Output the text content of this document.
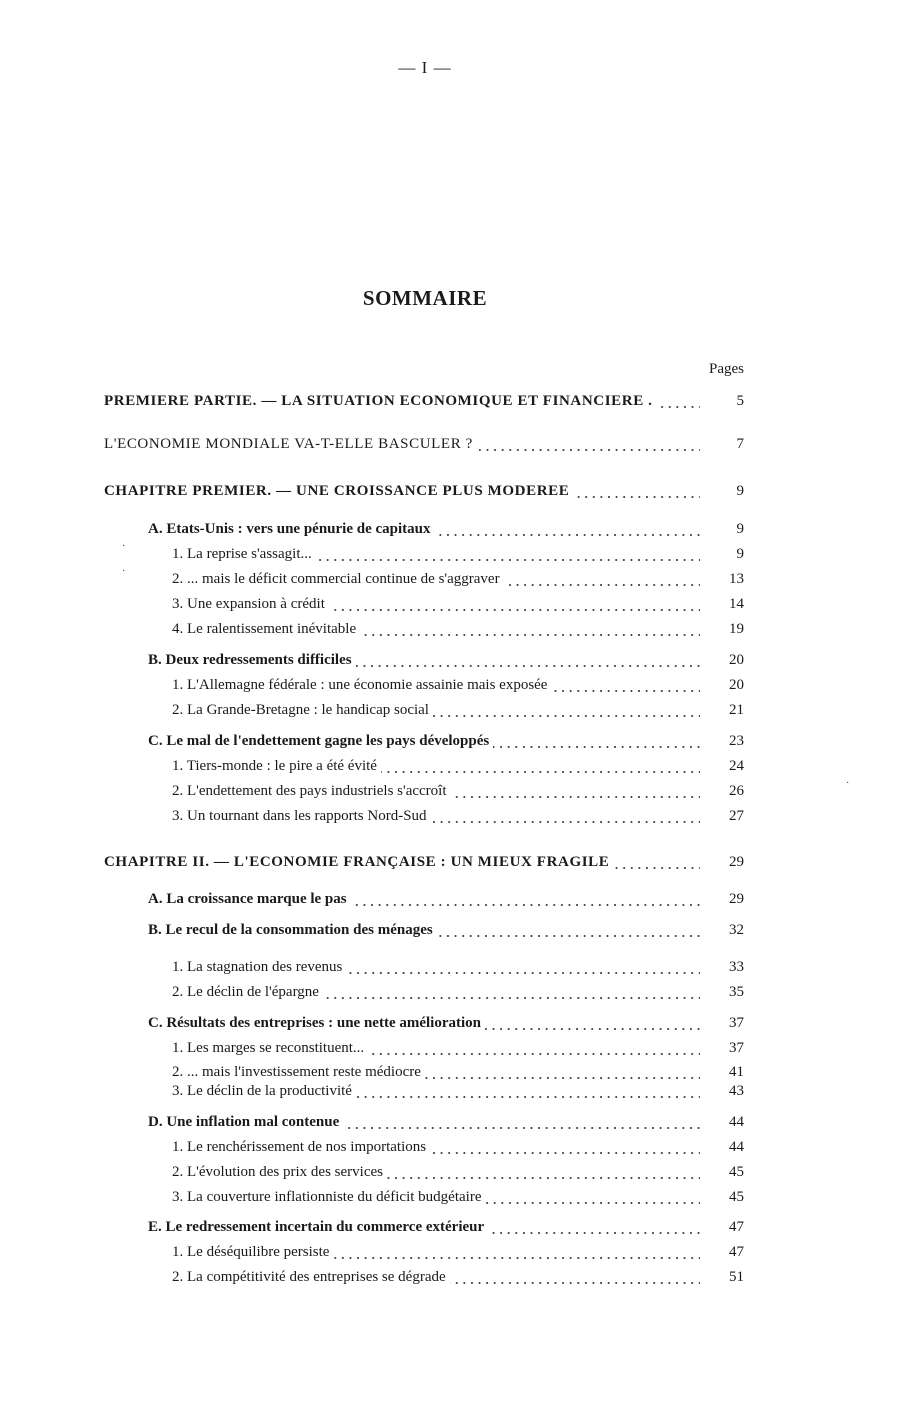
— I —
SOMMAIRE
Pages
PREMIERE PARTIE. — LA SITUATION ECONOMIQUE ET FINANCIERE .	5
L'ECONOMIE MONDIALE VA-T-ELLE BASCULER ?	7
CHAPITRE PREMIER. — UNE CROISSANCE PLUS MODEREE	9
A. Etats-Unis : vers une pénurie de capitaux	9
1. La reprise s'assagit...	9
2. ... mais le déficit commercial continue de s'aggraver	13
3. Une expansion à crédit	14
4. Le ralentissement inévitable	19
B. Deux redressements difficiles	20
1. L'Allemagne fédérale : une économie assainie mais exposée	20
2. La Grande-Bretagne : le handicap social	21
C. Le mal de l'endettement gagne les pays développés	23
1. Tiers-monde : le pire a été évité	24
2. L'endettement des pays industriels s'accroît	26
3. Un tournant dans les rapports Nord-Sud	27
CHAPITRE II. — L'ECONOMIE FRANÇAISE : UN MIEUX FRAGILE	29
A. La croissance marque le pas	29
B. Le recul de la consommation des ménages	32
1. La stagnation des revenus	33
2. Le déclin de l'épargne	35
C. Résultats des entreprises : une nette amélioration	37
1. Les marges se reconstituent...	37
2. ... mais l'investissement reste médiocre	41
3. Le déclin de la productivité	43
D. Une inflation mal contenue	44
1. Le renchérissement de nos importations	44
2. L'évolution des prix des services	45
3. La couverture inflationniste du déficit budgétaire	45
E. Le redressement incertain du commerce extérieur	47
1. Le déséquilibre persiste	47
2. La compétitivité des entreprises se dégrade	51
·
·
·
